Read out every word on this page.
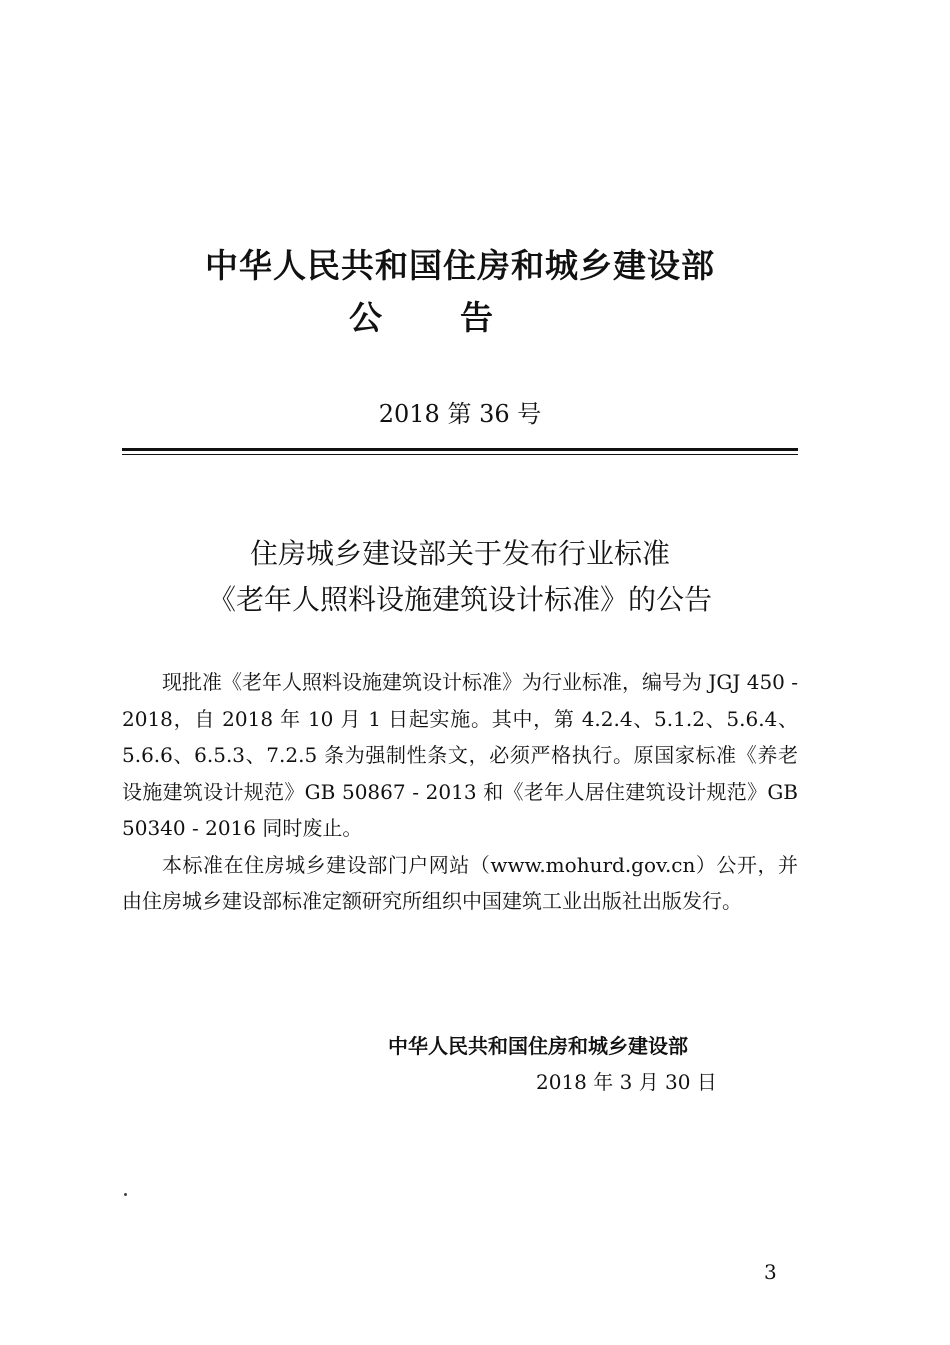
中华人民共和国住房和城乡建设部
公告
2018 第 36 号
住房城乡建设部关于发布行业标准
《老年人照料设施建筑设计标准》的公告

现批准《老年人照料设施建筑设计标准》为行业标准，编号为 JGJ 450 - 2018，自 2018 年 10 月 1 日起实施。其中，第 4.2.4、5.1.2、5.6.4、5.6.6、6.5.3、7.2.5 条为强制性条文，必须严格执行。原国家标准《养老设施建筑设计规范》GB 50867 - 2013 和《老年人居住建筑设计规范》GB 50340 - 2016 同时废止。

本标准在住房城乡建设部门户网站（www.mohurd.gov.cn）公开，并由住房城乡建设部标准定额研究所组织中国建筑工业出版社出版发行。

中华人民共和国住房和城乡建设部
2018 年 3 月 30 日
3
